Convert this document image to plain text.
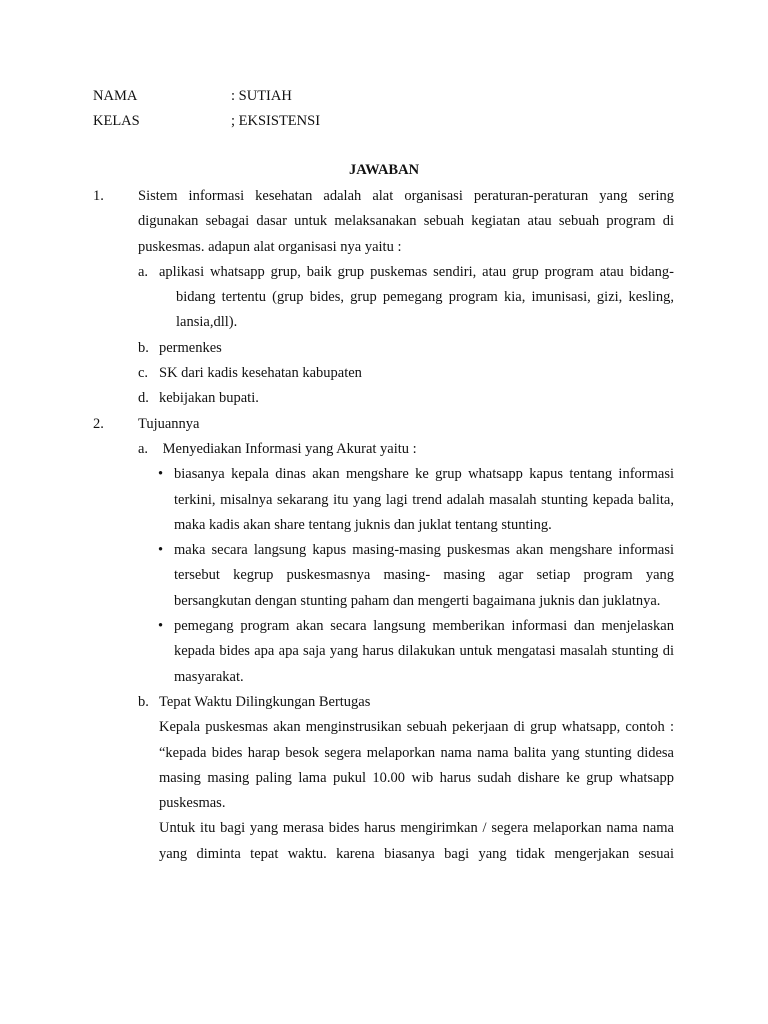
NAMA	: SUTIAH
KELAS	; EKSISTENSI
JAWABAN
1. Sistem informasi kesehatan adalah alat organisasi peraturan-peraturan yang sering digunakan sebagai dasar untuk melaksanakan sebuah kegiatan atau sebuah program di puskesmas. adapun alat organisasi nya yaitu :
a. aplikasi whatsapp grup, baik grup puskemas sendiri, atau grup program atau bidang-bidang tertentu (grup bides, grup pemegang program kia, imunisasi, gizi, kesling, lansia,dll).
b. permenkes
c. SK dari kadis kesehatan kabupaten
d. kebijakan bupati.
2. Tujuannya
a. Menyediakan Informasi yang Akurat yaitu :
• biasanya kepala dinas akan mengshare ke grup whatsapp kapus tentang informasi terkini, misalnya sekarang itu yang lagi trend adalah masalah stunting kepada balita, maka kadis akan share tentang juknis dan juklat tentang stunting.
• maka secara langsung kapus masing-masing puskesmas akan mengshare informasi tersebut kegrup puskesmasnya masing- masing agar setiap program yang bersangkutan dengan stunting paham dan mengerti bagaimana juknis dan juklatnya.
• pemegang program akan secara langsung memberikan informasi dan menjelaskan kepada bides apa apa saja yang harus dilakukan untuk mengatasi masalah stunting di masyarakat.
b. Tepat Waktu Dilingkungan Bertugas
Kepala puskesmas akan menginstrusikan sebuah pekerjaan di grup whatsapp, contoh : “kepada bides harap besok segera melaporkan nama nama balita yang stunting didesa masing masing paling lama pukul 10.00 wib harus sudah dishare ke grup whatsapp puskesmas.
Untuk itu bagi yang merasa bides harus mengirimkan / segera melaporkan nama nama yang diminta tepat waktu. karena biasanya bagi yang tidak mengerjakan sesuai
